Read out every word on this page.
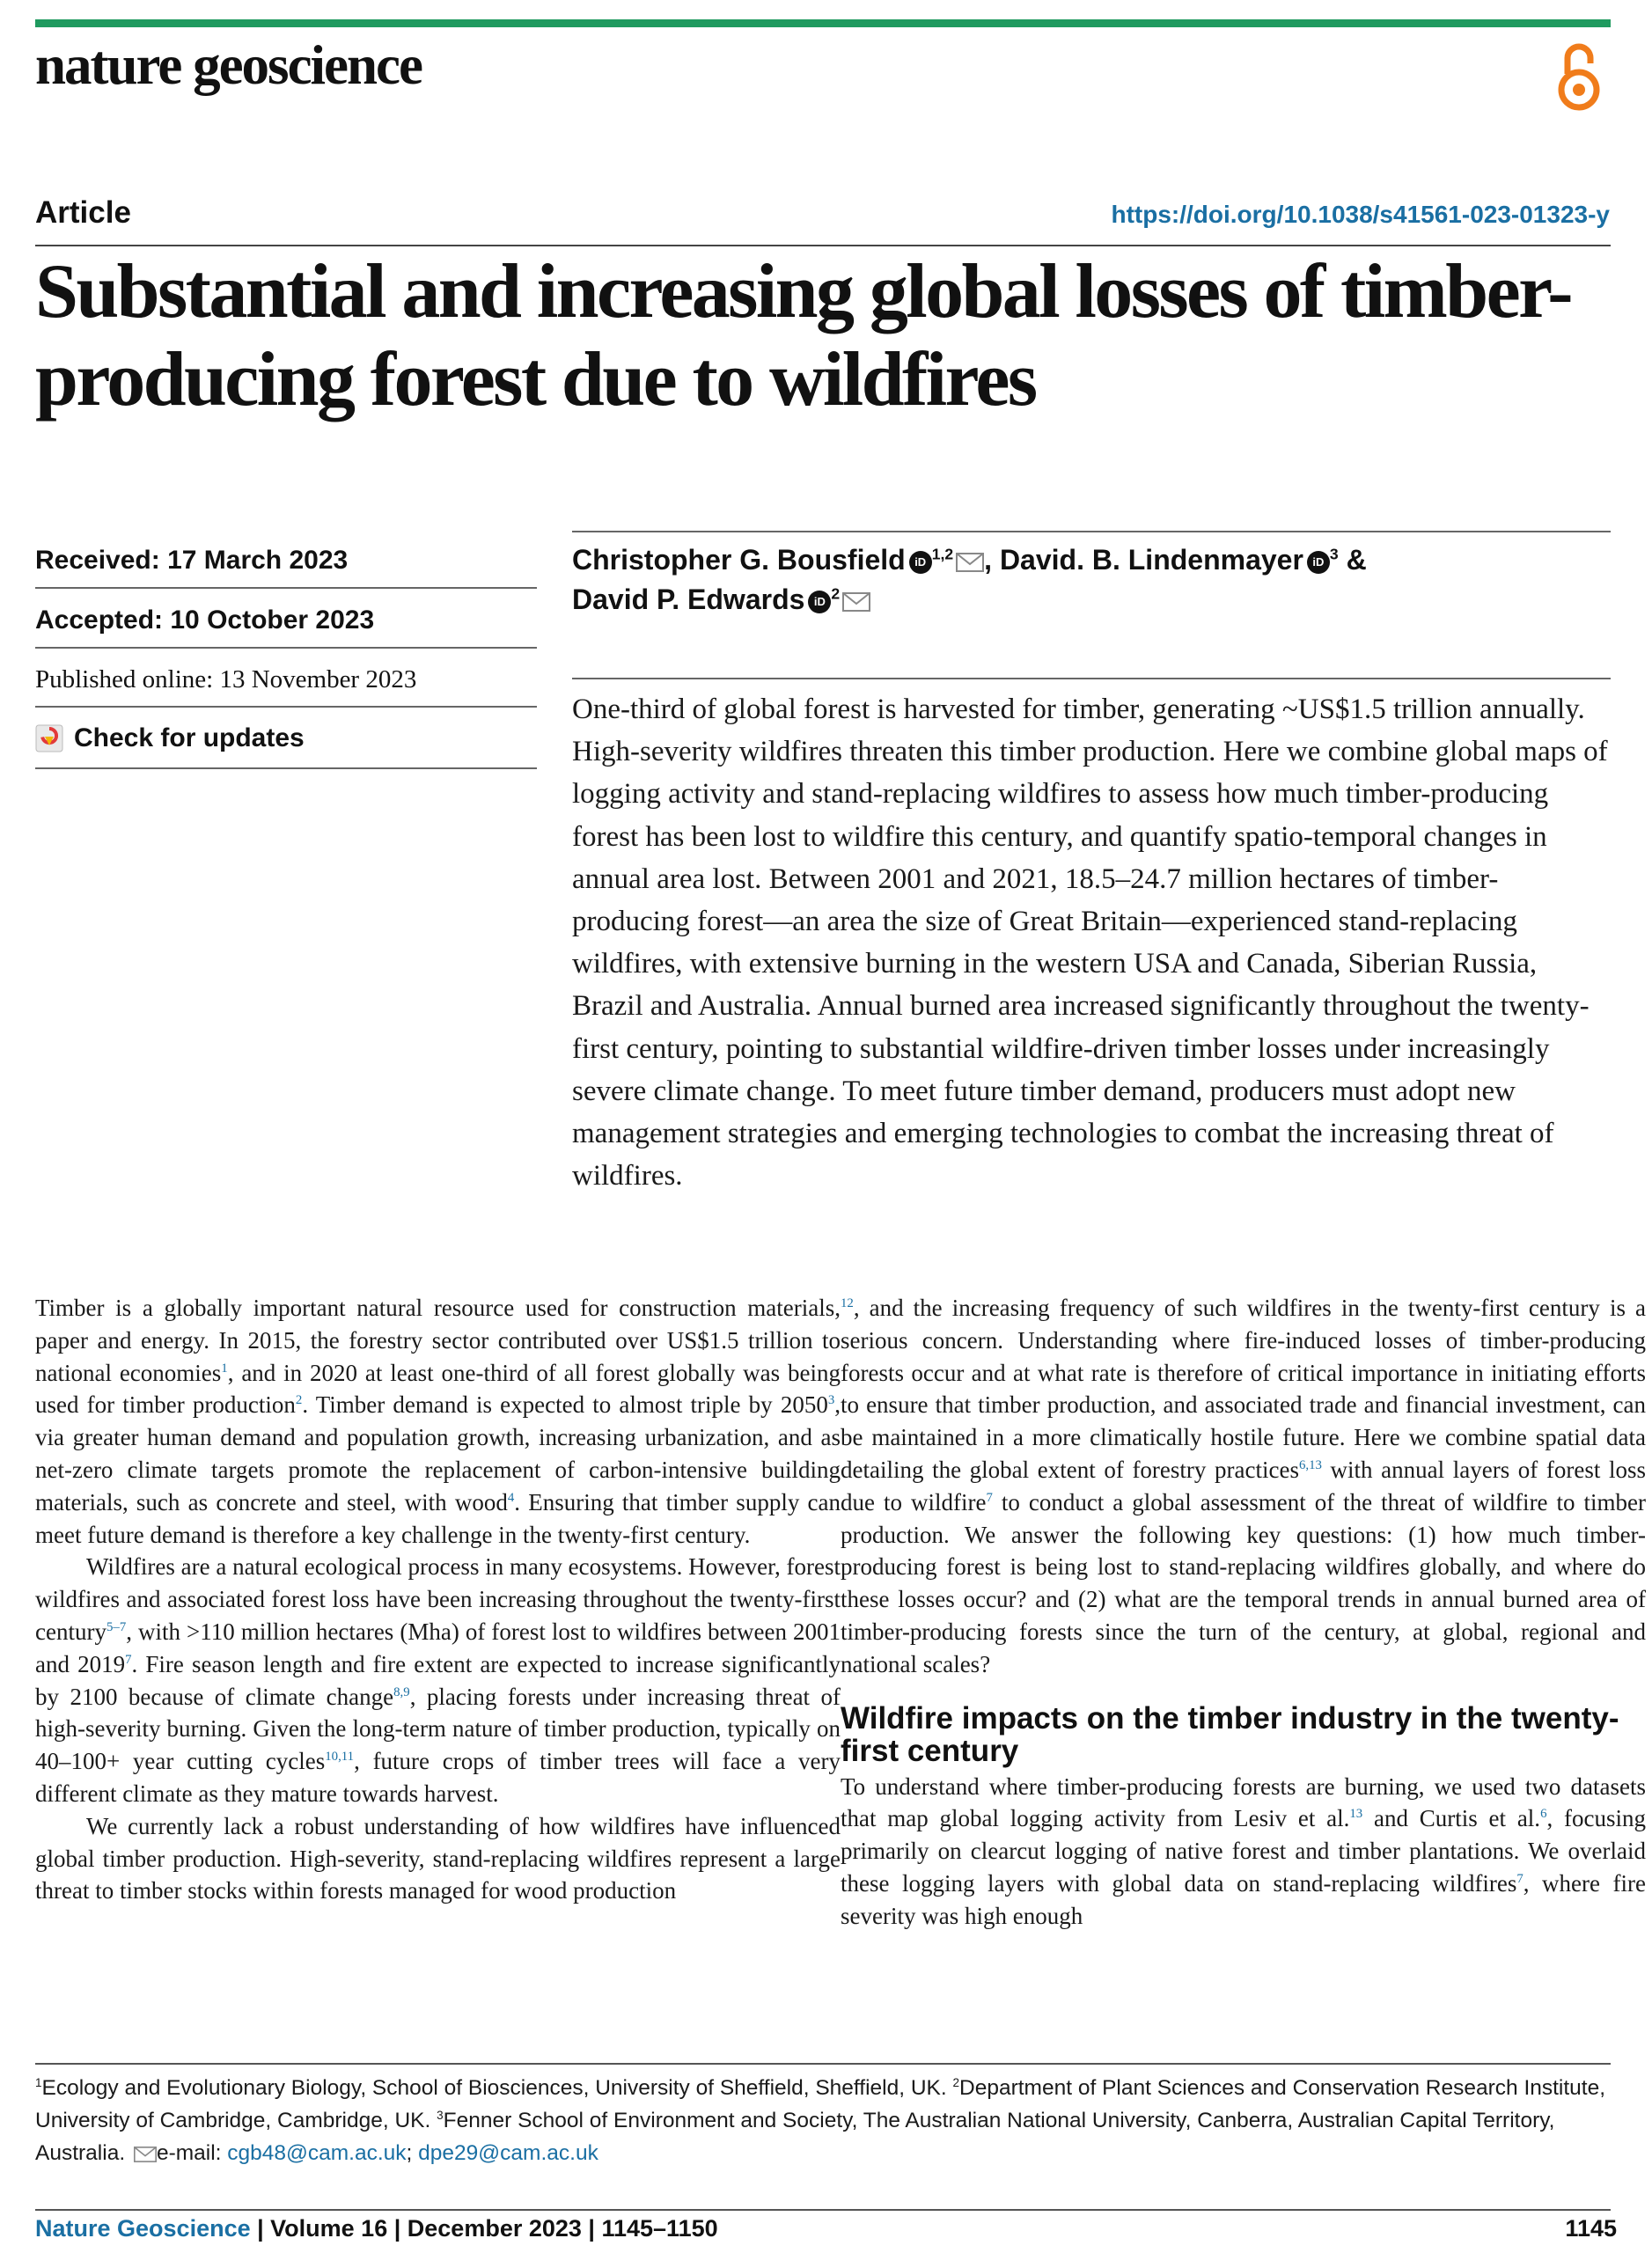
nature geoscience
Article	https://doi.org/10.1038/s41561-023-01323-y
Substantial and increasing global losses of timber-producing forest due to wildfires
Received: 17 March 2023
Accepted: 10 October 2023
Published online: 13 November 2023
Check for updates
Christopher G. Bousfield iD $^{1,2}$ , David. B. Lindenmayer iD $^3$ &
David P. Edwards iD $^2$

One-third of global forest is harvested for timber, generating ~US$1.5 trillion annually. High-severity wildfires threaten this timber production. Here we combine global maps of logging activity and stand-replacing wildfires to assess how much timber-producing forest has been lost to wildfire this century, and quantify spatio-temporal changes in annual area lost. Between 2001 and 2021, 18.5–24.7 million hectares of timber-producing forest—an area the size of Great Britain—experienced stand-replacing wildfires, with extensive burning in the western USA and Canada, Siberian Russia, Brazil and Australia. Annual burned area increased significantly throughout the twenty-first century, pointing to substantial wildfire-driven timber losses under increasingly severe climate change. To meet future timber demand, producers must adopt new management strategies and emerging technologies to combat the increasing threat of wildfires.

Timber is a globally important natural resource used for construction materials, paper and energy. In 2015, the forestry sector contributed over US$1.5 trillion to national economies$^1$, and in 2020 at least one-third of all forest globally was being used for timber production$^2$. Timber demand is expected to almost triple by 2050$^3$, via greater human demand and population growth, increasing urbanization, and as net-zero climate targets promote the replacement of carbon-intensive building materials, such as concrete and steel, with wood$^4$. Ensuring that timber supply can meet future demand is therefore a key challenge in the twenty-first century.

Wildfires are a natural ecological process in many ecosystems. However, forest wildfires and associated forest loss have been increasing throughout the twenty-first century$^{5-7}$, with >110 million hectares (Mha) of forest lost to wildfires between 2001 and 2019$^7$. Fire season length and fire extent are expected to increase significantly by 2100 because of climate change$^{8,9}$, placing forests under increasing threat of high-severity burning. Given the long-term nature of timber production, typically on 40–100+ year cutting cycles$^{10,11}$, future crops of timber trees will face a very different climate as they mature towards harvest.

We currently lack a robust understanding of how wildfires have influenced global timber production. High-severity, stand-replacing wildfires represent a large threat to timber stocks within forests managed for wood production

$^{12}$, and the increasing frequency of such wildfires in the twenty-first century is a serious concern. Understanding where fire-induced losses of timber-producing forests occur and at what rate is therefore of critical importance in initiating efforts to ensure that timber production, and associated trade and financial investment, can be maintained in a more climatically hostile future. Here we combine spatial data detailing the global extent of forestry practices$^{6,13}$ with annual layers of forest loss due to wildfire$^7$ to conduct a global assessment of the threat of wildfire to timber production. We answer the following key questions: (1) how much timber-producing forest is being lost to stand-replacing wildfires globally, and where do these losses occur? and (2) what are the temporal trends in annual burned area of timber-producing forests since the turn of the century, at global, regional and national scales?

Wildfire impacts on the timber industry in the twenty-first century

To understand where timber-producing forests are burning, we used two datasets that map global logging activity from Lesiv et al.$^{13}$ and Curtis et al.$^6$, focusing primarily on clearcut logging of native forest and timber plantations. We overlaid these logging layers with global data on stand-replacing wildfires$^7$, where fire severity was high enough

$^1$Ecology and Evolutionary Biology, School of Biosciences, University of Sheffield, Sheffield, UK. $^2$Department of Plant Sciences and Conservation Research Institute, University of Cambridge, Cambridge, UK. $^3$Fenner School of Environment and Society, The Australian National University, Canberra, Australian Capital Territory, Australia. e-mail: cgb48@cam.ac.uk; dpe29@cam.ac.uk

Nature Geoscience | Volume 16 | December 2023 | 1145–1150	1145
